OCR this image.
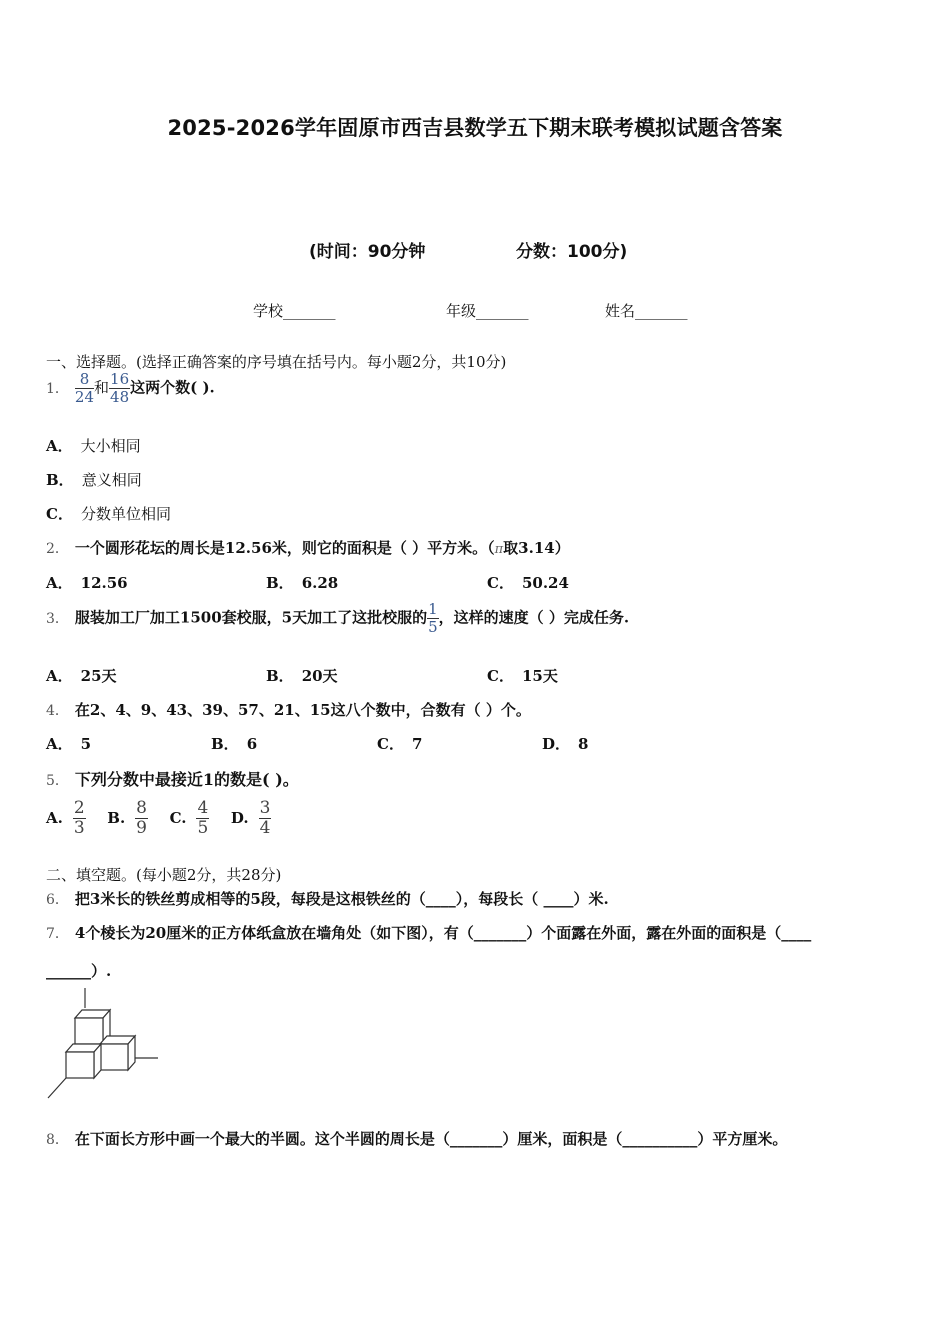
2025-2026学年固原市西吉县数学五下期末联考模拟试题含答案
(时间：90分钟	分数：100分)
学校_______	年级_______	姓名_______
一、选择题。(选择正确答案的序号填在括号内。每小题2分，共10分)
1． $\frac{8}{24}$ 和 $\frac{16}{48}$ 这两个数( ).
A． 大小相同
B． 意义相同
C． 分数单位相同
2． 一个圆形花坛的周长是12.56米，则它的面积是（ ）平方米。（π取3.14）
A． 12.56	B． 6.28	C． 50.24
3． 服装加工厂加工1500套校服，5天加工了这批校服的 $\frac{1}{5}$ ，这样的速度（ ）完成任务.
A． 25天	B． 20天	C． 15天
4． 在2、4、9、43、39、57、21、15这八个数中，合数有（ ）个。
A． 5	B． 6	C． 7	D． 8
5． 下列分数中最接近1的数是( )。
A. $\frac{2}{3} B$. $\frac{8}{9} C$. $\frac{4}{5} D$. $\frac{3}{4}$
二、填空题。(每小题2分，共28分)
6． 把3米长的铁丝剪成相等的5段，每段是这根铁丝的（____），每段长（ ____）米.
7． 4个棱长为20厘米的正方体纸盒放在墙角处（如下图），有（_______）个面露在外面，露在外面的面积是（____
______）.
8． 在下面长方形中画一个最大的半圆。这个半圆的周长是（_______）厘米，面积是（__________）平方厘米。
